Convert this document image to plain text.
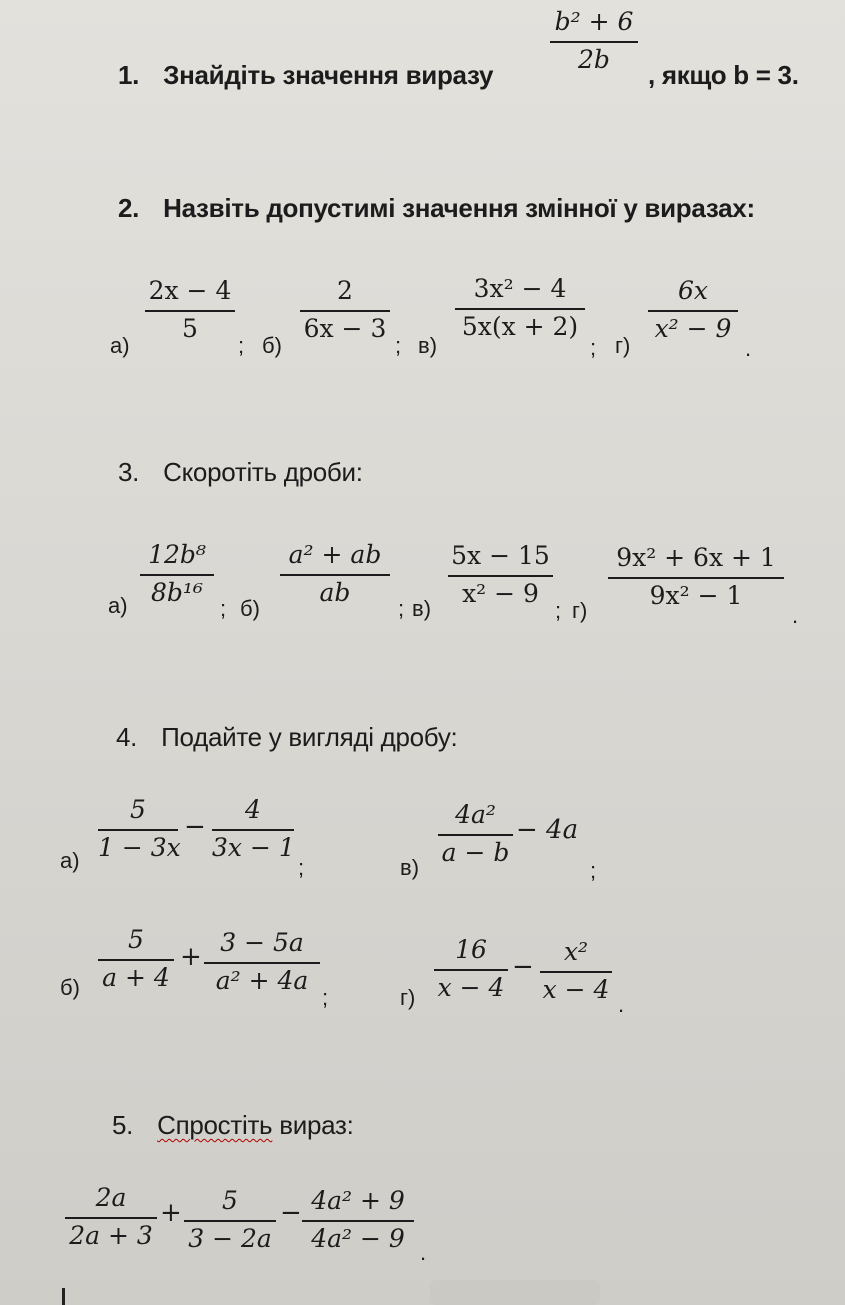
1. Знайдіть значення виразу
b² + 6
2b
, якщо b = 3.
2. Назвіть допустимі значення змінної у виразах:
а)
2x − 4
5
; б)
2
6x − 3
; в)
3x² − 4
5x(x + 2)
; г)
6x
x² − 9
.
3. Скоротіть дроби:
а)
12b⁸
8b¹⁶
; б)
a² + ab
ab
; в)
5x − 15
x² − 9
; г)
9x² + 6x + 1
9x² − 1
.
4. Подайте у вигляді дробу:
а)
5
1 − 3x
−
4
3x − 1
;	в)
4a²
a − b
− 4a
;
б)
5
a + 4
+ 3 − 5a
a² + 4a
;	г)
16
x − 4
−
x²
x − 4
.
5. Спростіть вираз:
2a
2a + 3
+	5
3 − 2a
− 4a² + 9
4a² − 9 .
